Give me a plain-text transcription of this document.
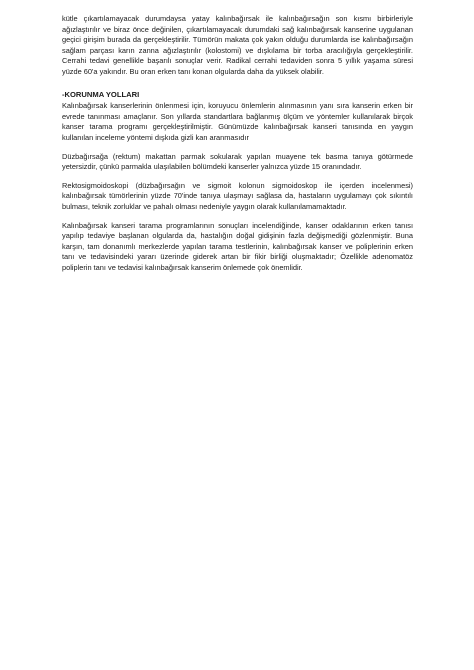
kütle çıkartılamayacak durumdaysa yatay kalınbağırsak ile kalınbağırsağın son kısmı birbirleriyle ağızlaştırılır ve biraz önce değinilen, çıkartılamayacak durumdaki sağ kalınbağırsak kanserine uygulanan geçici girişim burada da gerçekleştirilir. Tümörün makata çok yakın olduğu durumlarda ise kalınbağırsağın sağlam parçası karın zanna ağızlaştırılır (kolostomi) ve dışkılama bir torba aracılığıyla gerçekleştirilir. Cerrahi tedavi genellikle başarılı sonuçlar verir. Radikal cerrahi tedaviden sonra 5 yıllık yaşama süresi yüzde 60'a yakındır. Bu oran erken tanı konan olgularda daha da yüksek olabilir.

-KORUNMA YOLLARI

Kalınbağırsak kanserlerinin önlenmesi için, koruyucu önlemlerin alınmasının yanı sıra kanserin erken bir evrede tanınması amaçlanır. Son yıllarda standartlara bağlanmış ölçüm ve yöntemler kullanılarak birçok kanser tarama programı gerçekleştirilmiştir. Günümüzde kalınbağırsak kanseri tanısında en yaygın kullanılan inceleme yöntemi dışkıda gizli kan aranmasıdır

Düzbağırsağa (rektum) makattan parmak sokularak yapılan muayene tek basma tanıya götürmede yetersizdir, çünkü parmakla ulaşılabilen bölümdeki kanserler yalnızca yüzde 15 oranındadır.

Rektosigmoidoskopi (düzbağırsağın ve sigmoit kolonun sigmoidoskop ile içerden incelenmesi) kalınbağırsak tümörlerinin yüzde 70'inde tanıya ulaşmayı sağlasa da, hastaların uygulamayı çok sıkıntılı bulması, teknik zorluklar ve pahalı olması nedeniyle yaygın olarak kullanılamamaktadır.

Kalınbağırsak kanseri tarama programlarının sonuçları incelendiğinde, kanser odaklarının erken tanısı yapılıp tedaviye başlanan olgularda da, hastalığın doğal gidişinin fazla değişmediği gözlenmiştir. Buna karşın, tam donanımlı merkezlerde yapılan tarama testlerinin, kalınbağırsak kanser ve poliplerinin erken tanı ve tedavisindeki yararı üzerinde giderek artan bir fikir birliği oluşmaktadır; Özellikle adenomatöz poliplerin tanı ve tedavisi kalınbağırsak kanserim önlemede çok önemlidir.
